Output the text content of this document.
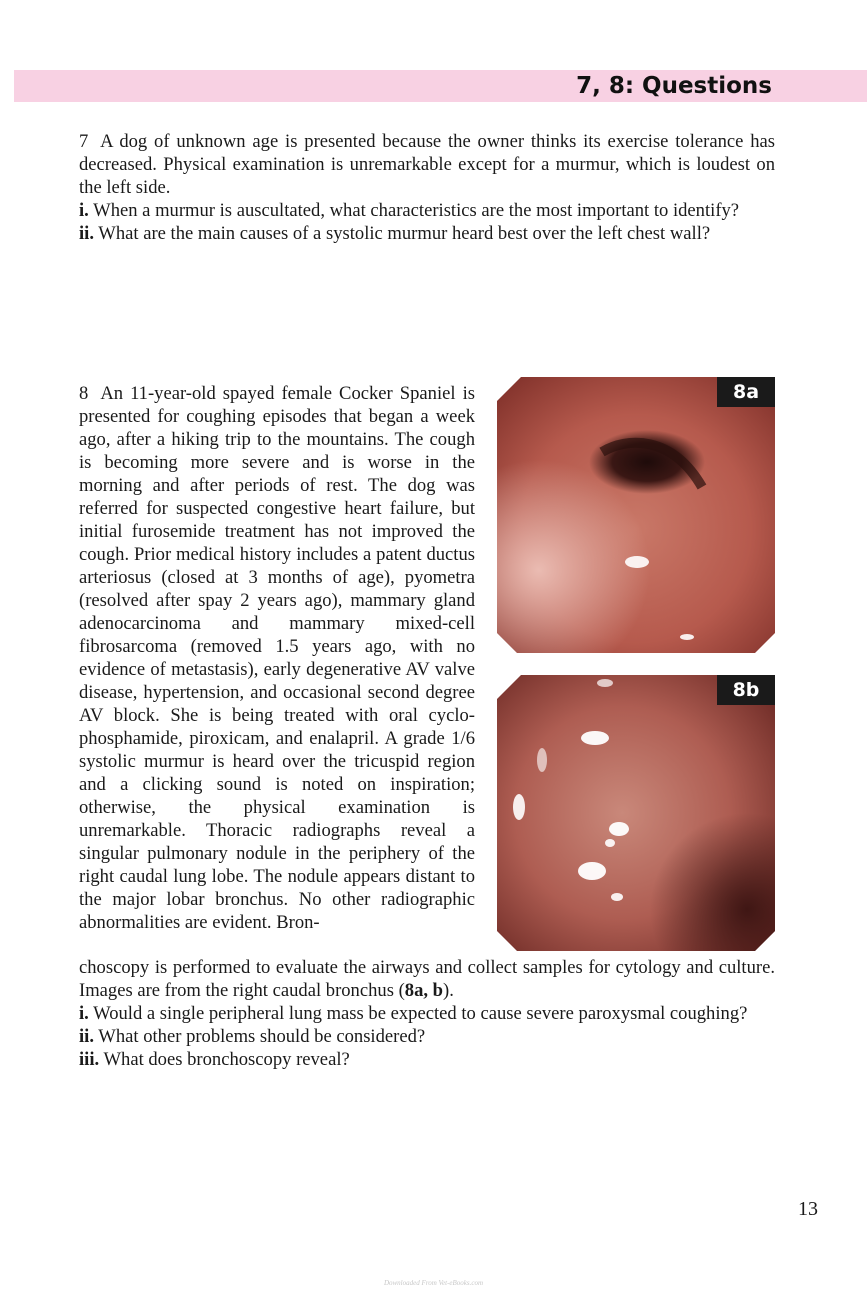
7, 8: Questions

7 A dog of unknown age is presented because the owner thinks its exercise tolerance has decreased. Physical examination is unremarkable except for a murmur, which is loudest on the left side.

i. When a murmur is auscultated, what characteristics are the most important to identify?

ii. What are the main causes of a systolic murmur heard best over the left chest wall?

8 An 11-year-old spayed female Cocker Spaniel is presented for coughing episodes that began a week ago, after a hiking trip to the mountains. The cough is becoming more severe and is worse in the morning and after periods of rest. The dog was referred for suspected congestive heart failure, but initial furosemide treatment has not improved the cough. Prior medical history includes a patent ductus arteriosus (closed at 3 months of age), pyometra (resolved after spay 2 years ago), mammary gland adenocarcinoma and mammary mixed-cell fibrosarcoma (removed 1.5 years ago, with no evidence of metastasis), early degenerative AV valve disease, hypertension, and occasional second degree AV block. She is being treated with oral cyclophosphamide, piroxicam, and enalapril. A grade 1/6 systolic murmur is heard over the tricuspid region and a clicking sound is noted on inspiration; otherwise, the physical examination is unremarkable. Thoracic radiographs reveal a singular pulmonary nodule in the periphery of the right caudal lung lobe. The nodule appears distant to the major lobar bronchus. No other radiographic abnormalities are evident. Bron-

8a
8b

choscopy is performed to evaluate the airways and collect samples for cytology and culture. Images are from the right caudal bronchus (8a, b).

i. Would a single peripheral lung mass be expected to cause severe paroxysmal coughing?

ii. What other problems should be considered?

iii. What does bronchoscopy reveal?

13
Downloaded From Vet-eBooks.com
